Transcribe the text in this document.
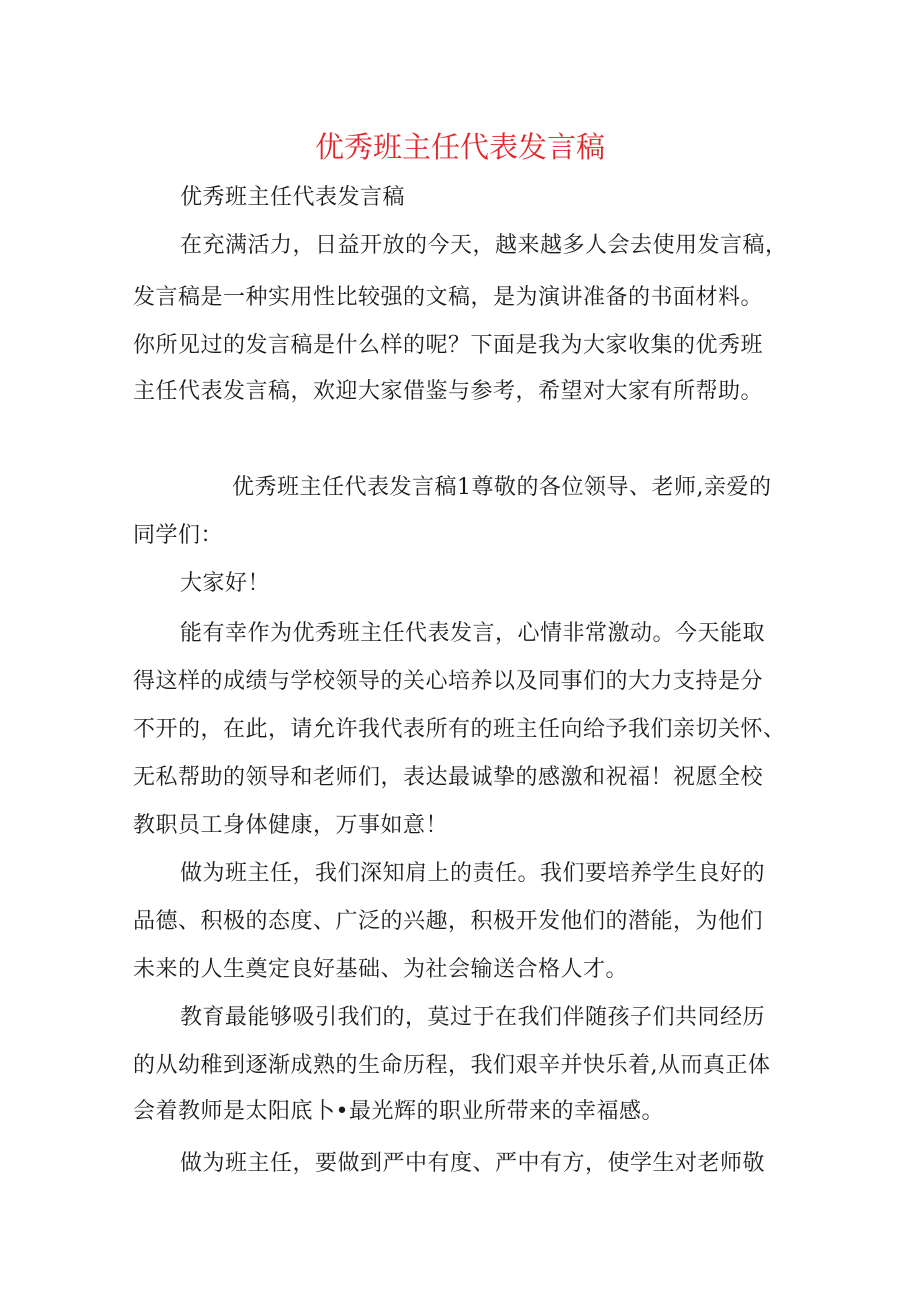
优秀班主任代表发言稿
优秀班主任代表发言稿
在充满活力，日益开放的今天，越来越多人会去使用发言稿，
发言稿是一种实用性比较强的文稿，是为演讲准备的书面材料。
你所见过的发言稿是什么样的呢？下面是我为大家收集的优秀班
主任代表发言稿，欢迎大家借鉴与参考，希望对大家有所帮助。
优秀班主任代表发言稿1尊敬的各位领导、老师,亲爱的
同学们：
大家好！
能有幸作为优秀班主任代表发言，心情非常激动。今天能取
得这样的成绩与学校领导的关心培养以及同事们的大力支持是分
不开的，在此，请允许我代表所有的班主任向给予我们亲切关怀、
无私帮助的领导和老师们，表达最诚挚的感激和祝福！祝愿全校
教职员工身体健康，万事如意！
做为班主任，我们深知肩上的责任。我们要培养学生良好的
品德、积极的态度、广泛的兴趣，积极开发他们的潜能，为他们
未来的人生奠定良好基础、为社会输送合格人才。
教育最能够吸引我们的，莫过于在我们伴随孩子们共同经历
的从幼稚到逐渐成熟的生命历程，我们艰辛并快乐着,从而真正体
会着教师是太阳底卜•最光辉的职业所带来的幸福感。
做为班主任，要做到严中有度、严中有方，使学生对老师敬
